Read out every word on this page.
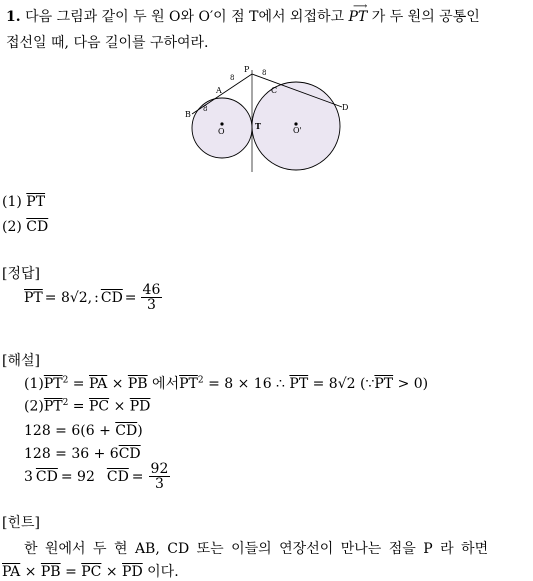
1. 다음 그림과 같이 두 원 O와 O′이 점 T에서 외접하고
⟶
PT 가 두 원의 공통인
접선일 때, 다음 길이를 구하여라.
P
A
B
C
D
O	O'
T
8
8
8
(1) $\overline{PT}$
(2) $\overline{CD}$
[정답]
$\overline{PT} = 8√2$, : $\overline{CD} = \frac{46}{3}$
[해설]
$(1)\overline{PT}^2 = \overline{PA} \times \overline{PB}$ 에서$\overline{PT}^2 = 8 \times 16$ ∴ $\overline{PT} = 8√2$ $(\because\overline{PT} > 0)$
$(2)\overline{PT}^2 = \overline{PC} \times \overline{PD}$
$128 = 6(6 + \overline{CD})$
$128 = 36 + 6\overline{CD}$
3 $\overline{CD} = 92$ $\overline{CD} = \frac{92}{3}$
[힌트]
한 원에서 두 현 AB, CD 또는 이들의 연장선이 만나는 점을 P 라 하면
$\overline{PA} \times \overline{PB} = \overline{PC} \times \overline{PD}$ 이다.
